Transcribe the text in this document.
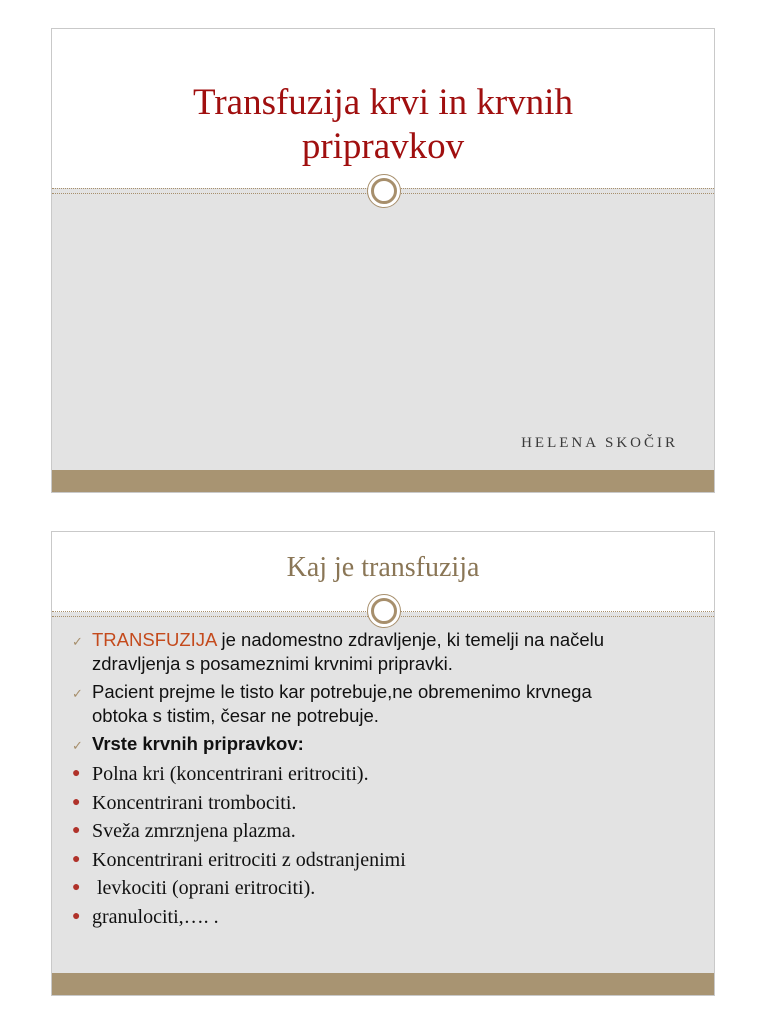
Transfuzija krvi in krvnih
pripravkov
HELENA SKOČIR
Kaj je transfuzija
✓ TRANSFUZIJA je nadomestno zdravljenje, ki temelji na načelu
zdravljenja s posameznimi krvnimi pripravki.
✓ Pacient prejme le tisto kar potrebuje,ne obremenimo krvnega
obtoka s tistim, česar ne potrebuje.
✓ Vrste krvnih pripravkov:
● Polna kri (koncentrirani eritrociti).
● Koncentrirani trombociti.
● Sveža zmrznjena plazma.
● Koncentrirani eritrociti z odstranjenimi
● levkociti (oprani eritrociti).
● granulociti,…. .
